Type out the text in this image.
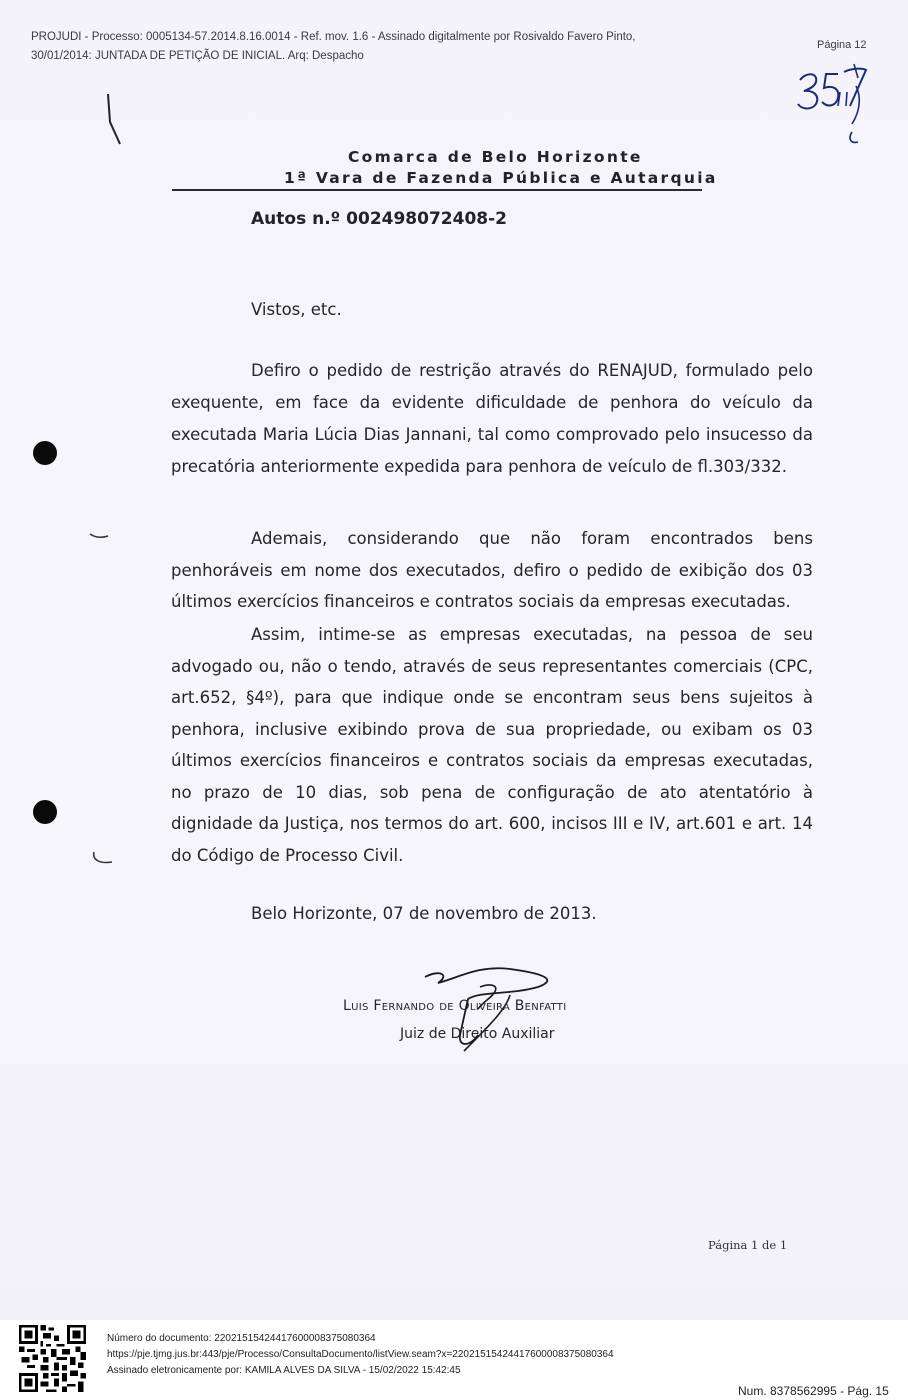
PROJUDI - Processo: 0005134-57.2014.8.16.0014 - Ref. mov. 1.6 - Assinado digitalmente por Rosivaldo Favero Pinto,
30/01/2014: JUNTADA DE PETIÇÃO DE INICIAL. Arq: Despacho
Página 12
Comarca de Belo Horizonte
1ª Vara de Fazenda Pública e Autarquia
Autos n.º 002498072408-2
Vistos, etc.
Defiro o pedido de restrição através do RENAJUD, formulado pelo exequente, em face da evidente dificuldade de penhora do veículo da executada Maria Lúcia Dias Jannani, tal como comprovado pelo insucesso da precatória anteriormente expedida para penhora de veículo de fl.303/332.
Ademais, considerando que não foram encontrados bens penhoráveis em nome dos executados, defiro o pedido de exibição dos 03 últimos exercícios financeiros e contratos sociais da empresas executadas.
Assim, intime-se as empresas executadas, na pessoa de seu advogado ou, não o tendo, através de seus representantes comerciais (CPC, art.652, §4º), para que indique onde se encontram seus bens sujeitos à penhora, inclusive exibindo prova de sua propriedade, ou exibam os 03 últimos exercícios financeiros e contratos sociais da empresas executadas, no prazo de 10 dias, sob pena de configuração de ato atentatório à dignidade da Justiça, nos termos do art. 600, incisos III e IV, art.601 e art. 14 do Código de Processo Civil.
Belo Horizonte, 07 de novembro de 2013.
Luis Fernando de Oliveira Benfatti
Juiz de Direito Auxiliar
Página 1 de 1
Número do documento: 22021515424417600008375080364
https://pje.tjmg.jus.br:443/pje/Processo/ConsultaDocumento/listView.seam?x=22021515424417600008375080364
Assinado eletronicamente por: KAMILA ALVES DA SILVA - 15/02/2022 15:42:45
Num. 8378562995 - Pág. 15
